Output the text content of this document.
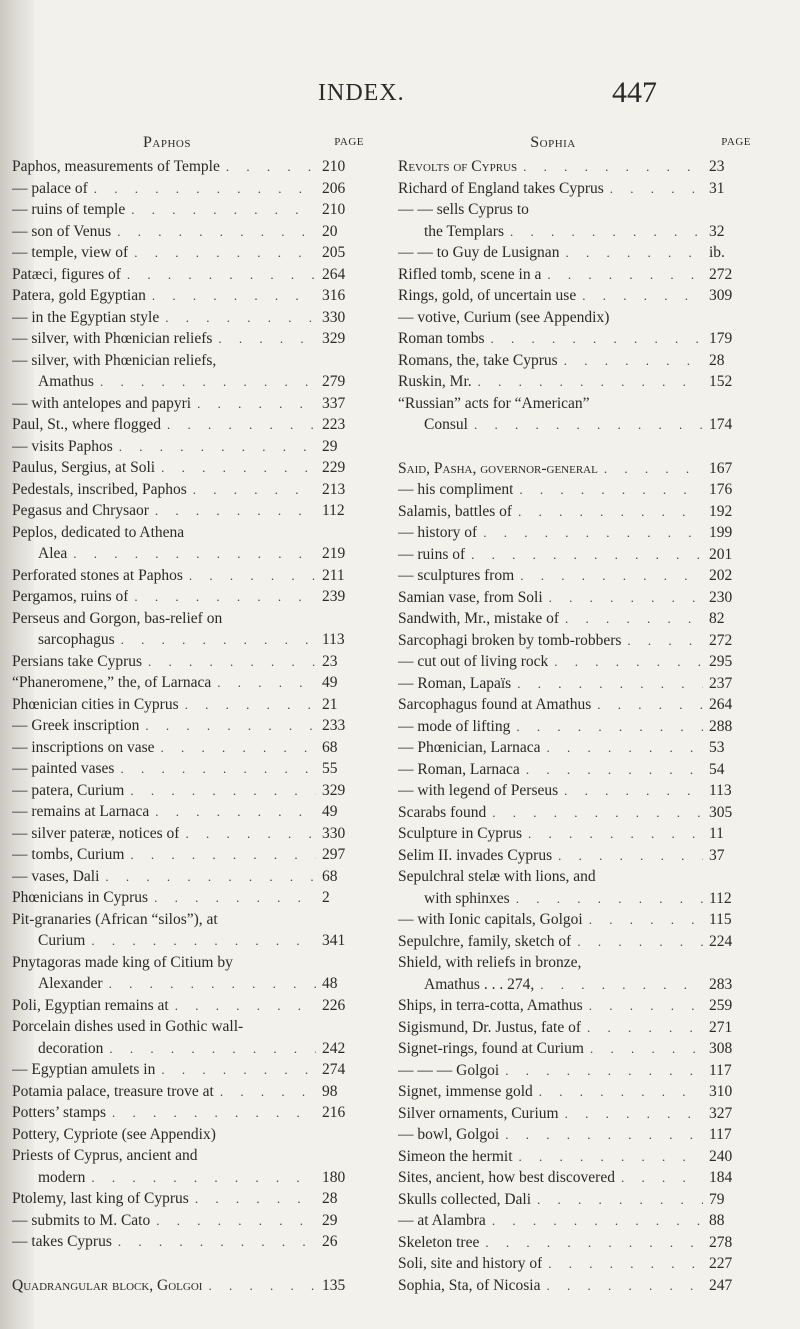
INDEX.	447
Paphos	PAGE
Paphos, measurements of Temple . . .	210
— palace of . . .	206
— ruins of temple . . .	210
— son of Venus . . .	20
— temple, view of . . .	205
Patæci, figures of . . .	264
Patera, gold Egyptian . . .	316
— in the Egyptian style . . .	330
— silver, with Phœnician reliefs . . .	329
— silver, with Phœnician reliefs,
Amathus . . .	279
— with antelopes and papyri . . .	337
Paul, St., where flogged . . .	223
— visits Paphos . . .	29
Paulus, Sergius, at Soli . . .	229
Pedestals, inscribed, Paphos . . .	213
Pegasus and Chrysaor . . .	112
Peplos, dedicated to Athena
Alea . . .	219
Perforated stones at Paphos . . .	211
Pergamos, ruins of . . .	239
Perseus and Gorgon, bas-relief on
sarcophagus . . .	113
Persians take Cyprus . . .	23
“Phaneromene,” the, of Larnaca . . .	49
Phœnician cities in Cyprus . . .	21
— Greek inscription . . .	233
— inscriptions on vase . . .	68
— painted vases . . .	55
— patera, Curium . . .	329
— remains at Larnaca . . .	49
— silver pateræ, notices of . . .	330
— tombs, Curium . . .	297
— vases, Dali . . .	68
Phœnicians in Cyprus . . .	2
Pit-granaries (African “silos”), at
Curium . . .	341
Pnytagoras made king of Citium by
Alexander . . .	48
Poli, Egyptian remains at . . .	226
Porcelain dishes used in Gothic wall-
decoration . . .	242
— Egyptian amulets in . . .	274
Potamia palace, treasure trove at . . .	98
Potters’ stamps . . .	216
Pottery, Cypriote (see Appendix)
Priests of Cyprus, ancient and
modern . . .	180
Ptolemy, last king of Cyprus . . .	28
— submits to M. Cato . . .	29
— takes Cyprus . . .	26
Quadrangular block, Golgoi . . .	135
Sophia	PAGE
Revolts of Cyprus . . .	23
Richard of England takes Cyprus . . .	31
— — sells Cyprus to
the Templars . . .	32
— — to Guy de Lusignan . . .	ib.
Rifled tomb, scene in a . . .	272
Rings, gold, of uncertain use . . .	309
— votive, Curium (see Appendix)
Roman tombs . . .	179
Romans, the, take Cyprus . . .	28
Ruskin, Mr. . . .	152
“Russian” acts for “American”
Consul . . .	174
Said, Pasha, governor-general . . .	167
— his compliment . . .	176
Salamis, battles of . . .	192
— history of . . .	199
— ruins of . . .	201
— sculptures from . . .	202
Samian vase, from Soli . . .	230
Sandwith, Mr., mistake of . . .	82
Sarcophagi broken by tomb-robbers . . .	272
— cut out of living rock . . .	295
— Roman, Lapaïs . . .	237
Sarcophagus found at Amathus . . .	264
— mode of lifting . . .	288
— Phœnician, Larnaca . . .	53
— Roman, Larnaca . . .	54
— with legend of Perseus . . .	113
Scarabs found . . .	305
Sculpture in Cyprus . . .	11
Selim II. invades Cyprus . . .	37
Sepulchral stelæ with lions, and
with sphinxes . . .	112
— with Ionic capitals, Golgoi . . .	115
Sepulchre, family, sketch of . . .	224
Shield, with reliefs in bronze,
Amathus . . . 274, . . .	283
Ships, in terra-cotta, Amathus . . .	259
Sigismund, Dr. Justus, fate of . . .	271
Signet-rings, found at Curium . . .	308
— — — Golgoi . . .	117
Signet, immense gold . . .	310
Silver ornaments, Curium . . .	327
— bowl, Golgoi . . .	117
Simeon the hermit . . .	240
Sites, ancient, how best discovered . . .	184
Skulls collected, Dali . . .	79
— at Alambra . . .	88
Skeleton tree . . .	278
Soli, site and history of . . .	227
Sophia, Sta, of Nicosia . . .	247
